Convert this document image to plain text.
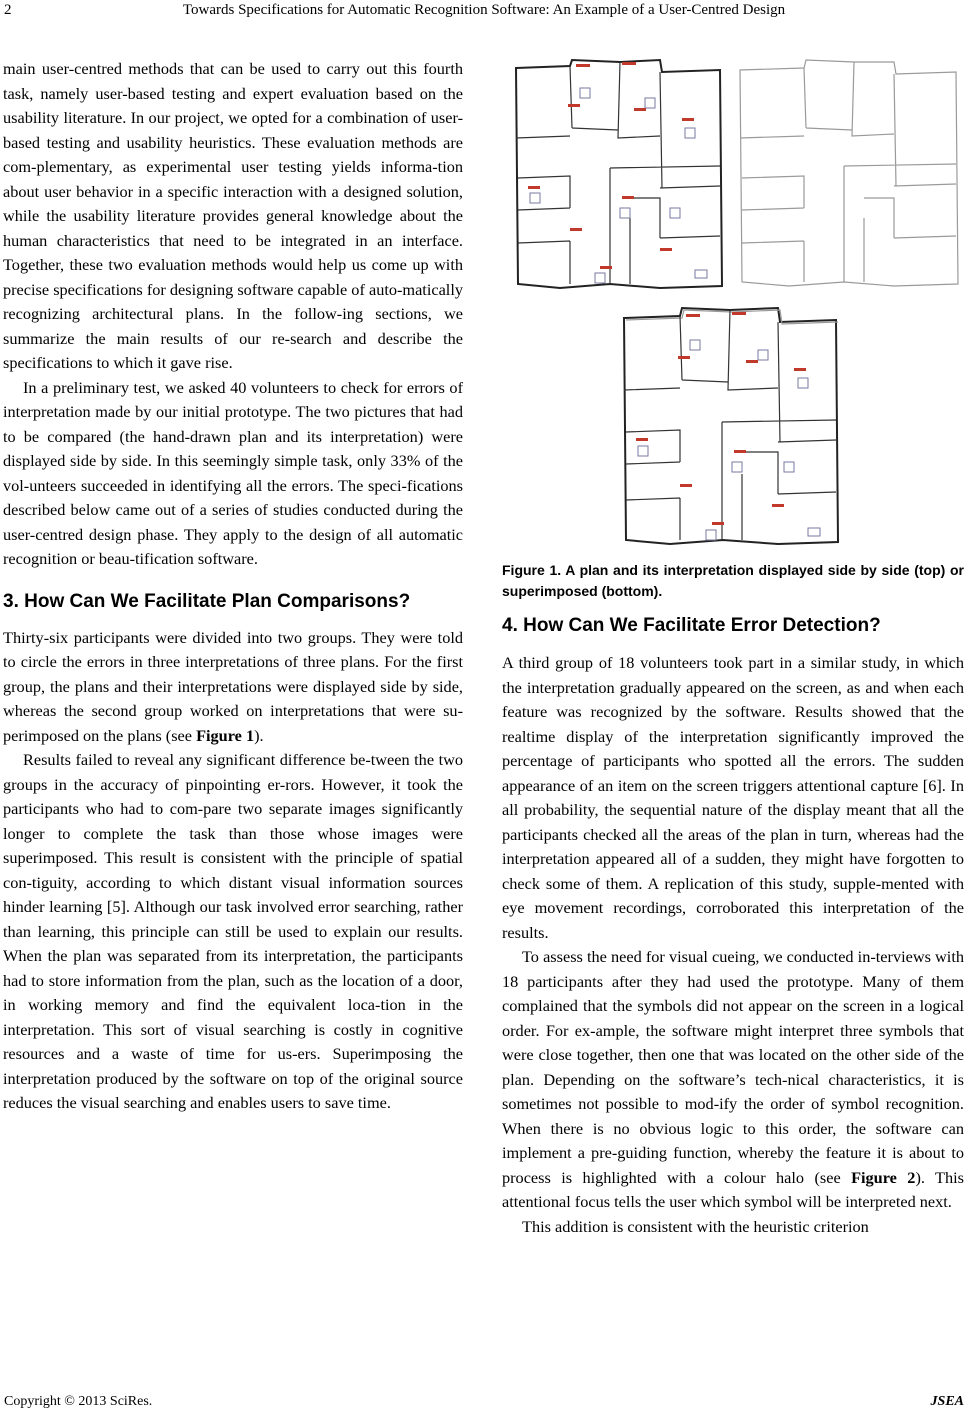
2	Towards Specifications for Automatic Recognition Software: An Example of a User-Centred Design

main user-centred methods that can be used to carry out this fourth task, namely user-based testing and expert evaluation based on the usability literature. In our project, we opted for a combination of user-based testing and usability heuristics. These evaluation methods are com-plementary, as experimental user testing yields informa-tion about user behavior in a specific interaction with a designed solution, while the usability literature provides general knowledge about the human characteristics that need to be integrated in an interface. Together, these two evaluation methods would help us come up with precise specifications for designing software capable of auto-matically recognizing architectural plans. In the follow-ing sections, we summarize the main results of our re-search and describe the specifications to which it gave rise.

In a preliminary test, we asked 40 volunteers to check for errors of interpretation made by our initial prototype. The two pictures that had to be compared (the hand-drawn plan and its interpretation) were displayed side by side. In this seemingly simple task, only 33% of the vol-unteers succeeded in identifying all the errors. The speci-fications described below came out of a series of studies conducted during the user-centred design phase. They apply to the design of all automatic recognition or beau-tification software.

3. How Can We Facilitate Plan Comparisons?

Thirty-six participants were divided into two groups. They were told to circle the errors in three interpretations of three plans. For the first group, the plans and their interpretations were displayed side by side, whereas the second group worked on interpretations that were su-perimposed on the plans (see Figure 1).

Results failed to reveal any significant difference be-tween the two groups in the accuracy of pinpointing er-rors. However, it took the participants who had to com-pare two separate images significantly longer to complete the task than those whose images were superimposed. This result is consistent with the principle of spatial con-tiguity, according to which distant visual information sources hinder learning [5]. Although our task involved error searching, rather than learning, this principle can still be used to explain our results. When the plan was separated from its interpretation, the participants had to store information from the plan, such as the location of a door, in working memory and find the equivalent loca-tion in the interpretation. This sort of visual searching is costly in cognitive resources and a waste of time for us-ers. Superimposing the interpretation produced by the software on top of the original source reduces the visual searching and enables users to save time.

Figure 1. A plan and its interpretation displayed side by side (top) or superimposed (bottom).
4. How Can We Facilitate Error Detection?

A third group of 18 volunteers took part in a similar study, in which the interpretation gradually appeared on the screen, as and when each feature was recognized by the software. Results showed that the realtime display of the interpretation significantly improved the percentage of participants who spotted all the errors. The sudden appearance of an item on the screen triggers attentional capture [6]. In all probability, the sequential nature of the display meant that all the participants checked all the areas of the plan in turn, whereas had the interpretation appeared all of a sudden, they might have forgotten to check some of them. A replication of this study, supple-mented with eye movement recordings, corroborated this interpretation of the results.

To assess the need for visual cueing, we conducted in-terviews with 18 participants after they had used the prototype. Many of them complained that the symbols did not appear on the screen in a logical order. For ex-ample, the software might interpret three symbols that were close together, then one that was located on the other side of the plan. Depending on the software’s tech-nical characteristics, it is sometimes not possible to mod-ify the order of symbol recognition. When there is no obvious logic to this order, the software can implement a pre-guiding function, whereby the feature it is about to process is highlighted with a colour halo (see Figure 2). This attentional focus tells the user which symbol will be interpreted next.

This addition is consistent with the heuristic criterion

Copyright © 2013 SciRes.	JSEA
